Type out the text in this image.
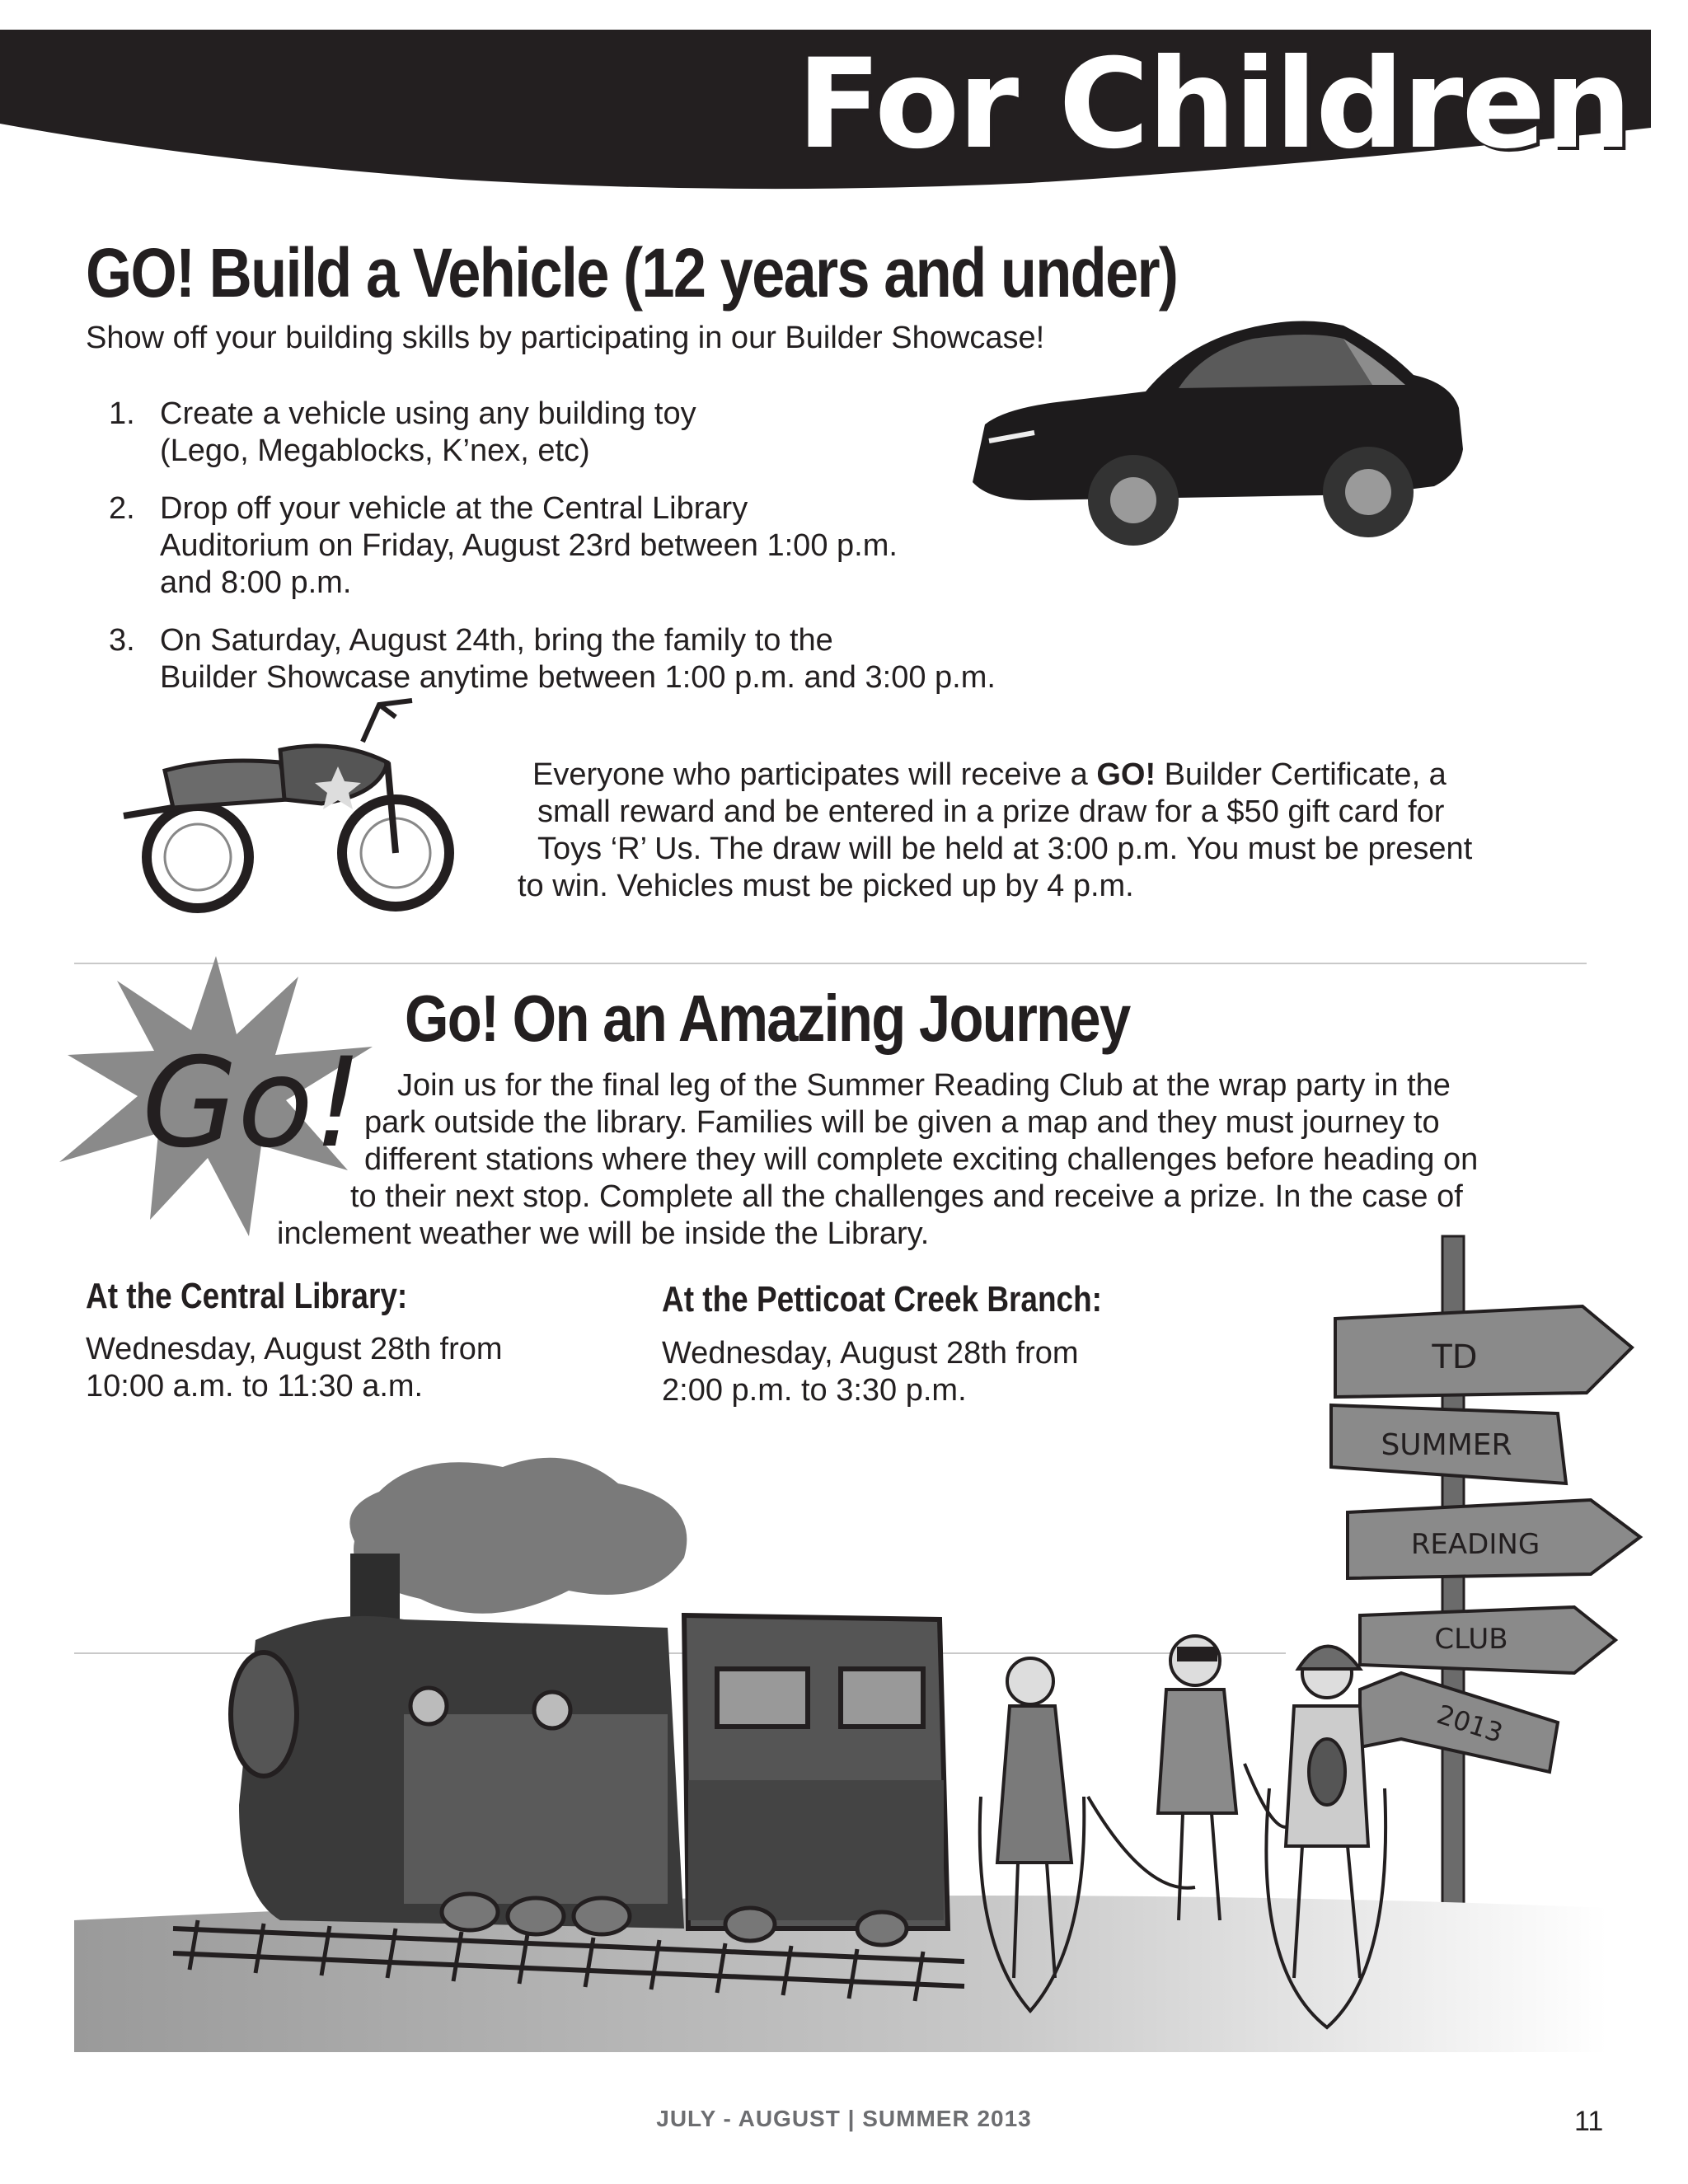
For Children
GO! Build a Vehicle (12 years and under)
Show off your building skills by participating in our Builder Showcase!
1. Create a vehicle using any building toy
(Lego, Megablocks, K’nex, etc)
2. Drop off your vehicle at the Central Library
Auditorium on Friday, August 23rd between 1:00 p.m.
and 8:00 p.m.
3. On Saturday, August 24th, bring the family to the
Builder Showcase anytime between 1:00 p.m. and 3:00 p.m.
Everyone who participates will receive a GO! Builder Certificate, a
small reward and be entered in a prize draw for a $50 gift card for
Toys ‘R’ Us. The draw will be held at 3:00 p.m. You must be present
to win. Vehicles must be picked up by 4 p.m.
Go!
Go! On an Amazing Journey
Join us for the final leg of the Summer Reading Club at the wrap party in the
park outside the library. Families will be given a map and they must journey to
different stations where they will complete exciting challenges before heading on
to their next stop. Complete all the challenges and receive a prize. In the case of
inclement weather we will be inside the Library.
At the Central Library:
Wednesday, August 28th from
10:00 a.m. to 11:30 a.m.
At the Petticoat Creek Branch:
Wednesday, August 28th from
2:00 p.m. to 3:30 p.m.
TD
SUMMER
READING
CLUB
2013
JULY - AUGUST | SUMMER 2013	11
